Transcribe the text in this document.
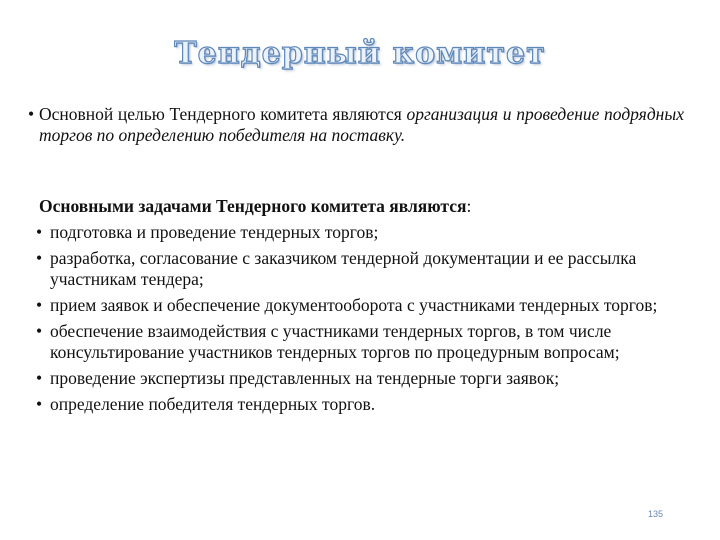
Тендерный комитет
• Основной целью Тендерного комитета являются организация и проведение подрядных торгов по определению победителя на поставку.
Основными задачами Тендерного комитета являются:
• подготовка и проведение тендерных торгов;
• разработка, согласование с заказчиком тендерной документации и ее рассылка участникам тендера;
• прием заявок и обеспечение документооборота с участниками тендерных торгов;
• обеспечение взаимодействия с участниками тендерных торгов, в том числе консультирование участников тендерных торгов по процедурным вопросам;
• проведение экспертизы представленных на тендерные торги заявок;
• определение победителя тендерных торгов.
135
